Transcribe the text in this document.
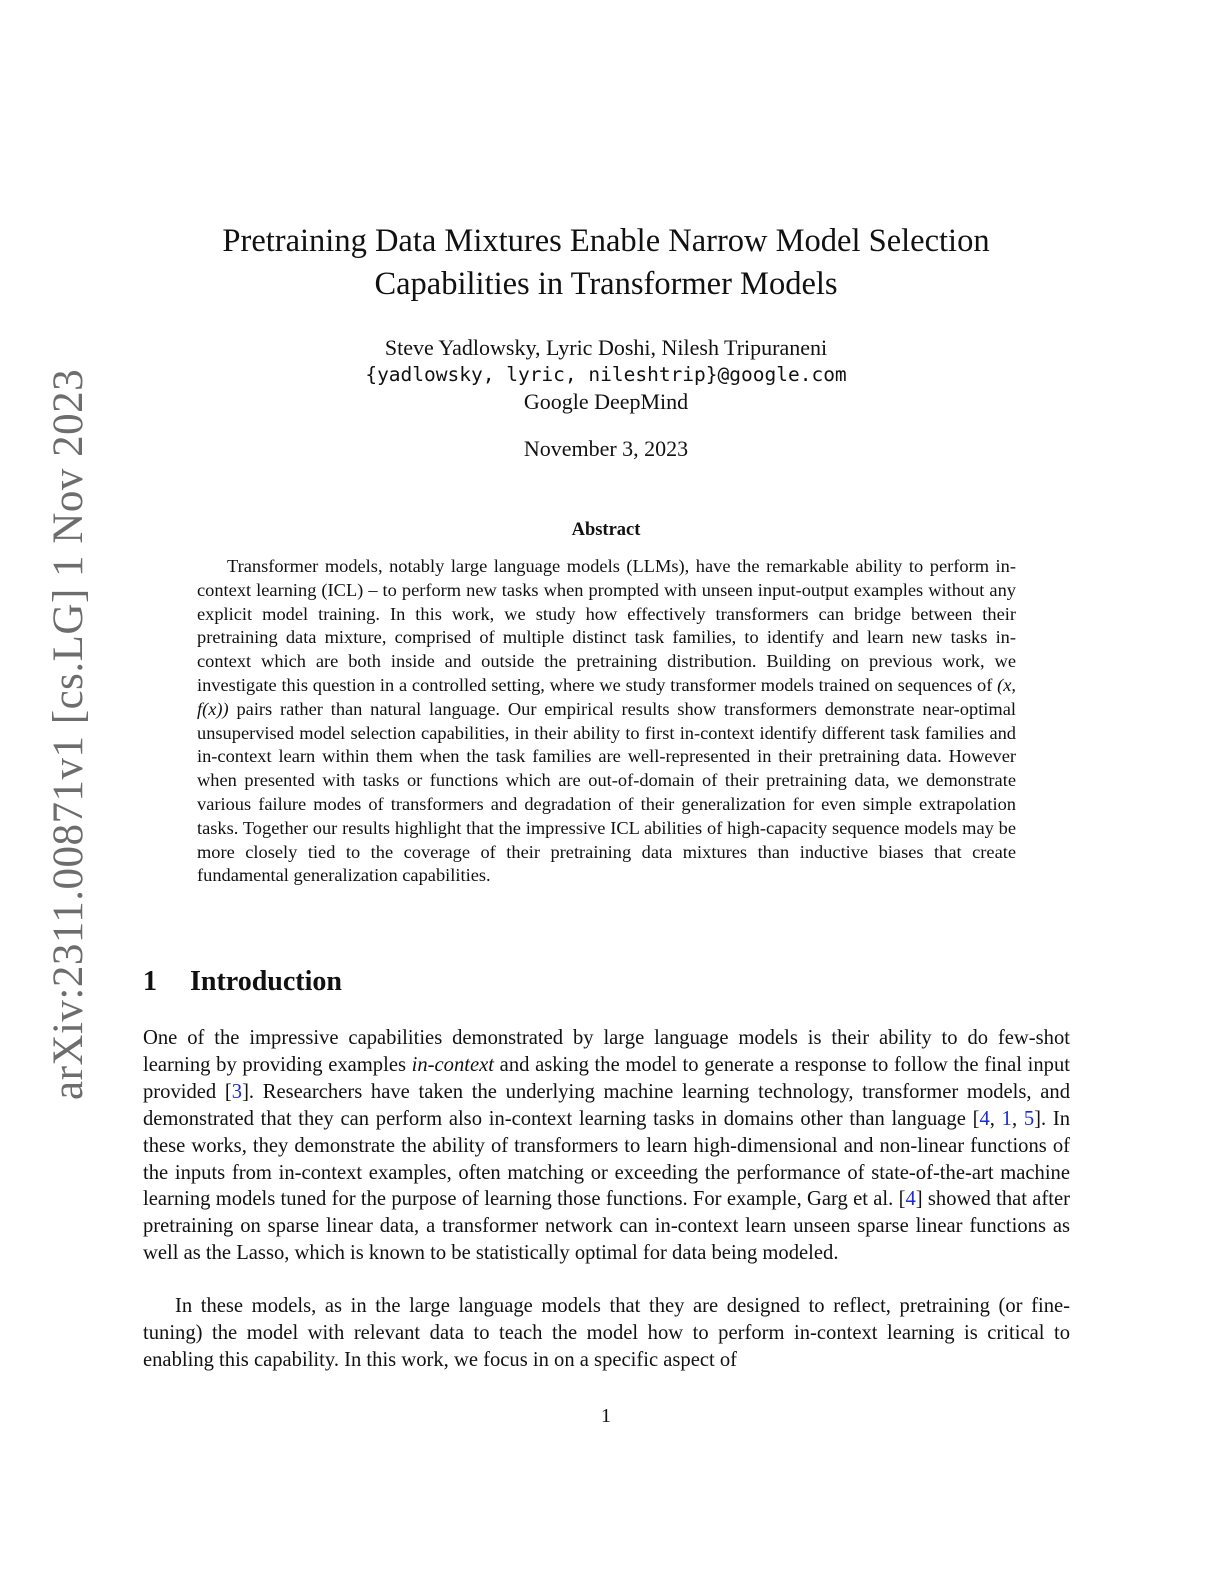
arXiv:2311.00871v1 [cs.LG] 1 Nov 2023
Pretraining Data Mixtures Enable Narrow Model Selection
Capabilities in Transformer Models
Steve Yadlowsky, Lyric Doshi, Nilesh Tripuraneni
{yadlowsky, lyric, nileshtrip}@google.com
Google DeepMind
November 3, 2023
Abstract

Transformer models, notably large language models (LLMs), have the remarkable ability to perform in-context learning (ICL) – to perform new tasks when prompted with unseen input-output examples without any explicit model training. In this work, we study how effectively transformers can bridge between their pretraining data mixture, comprised of multiple distinct task families, to identify and learn new tasks in-context which are both inside and outside the pretraining distribution. Building on previous work, we investigate this question in a controlled setting, where we study transformer models trained on sequences of (x, f(x)) pairs rather than natural language. Our empirical results show transformers demonstrate near-optimal unsupervised model selection capabilities, in their ability to first in-context identify different task families and in-context learn within them when the task families are well-represented in their pretraining data. However when presented with tasks or functions which are out-of-domain of their pretraining data, we demonstrate various failure modes of transformers and degradation of their generalization for even simple extrapolation tasks. Together our results highlight that the impressive ICL abilities of high-capacity sequence models may be more closely tied to the coverage of their pretraining data mixtures than inductive biases that create fundamental generalization capabilities.

1 Introduction

One of the impressive capabilities demonstrated by large language models is their ability to do few-shot learning by providing examples in-context and asking the model to generate a response to follow the final input provided [3]. Researchers have taken the underlying machine learning technology, transformer models, and demonstrated that they can perform also in-context learning tasks in domains other than language [4, 1, 5]. In these works, they demonstrate the ability of transformers to learn high-dimensional and non-linear functions of the inputs from in-context examples, often matching or exceeding the performance of state-of-the-art machine learning models tuned for the purpose of learning those functions. For example, Garg et al. [4] showed that after pretraining on sparse linear data, a transformer network can in-context learn unseen sparse linear functions as well as the Lasso, which is known to be statistically optimal for data being modeled.

In these models, as in the large language models that they are designed to reflect, pretraining (or fine-tuning) the model with relevant data to teach the model how to perform in-context learning is critical to enabling this capability. In this work, we focus in on a specific aspect of

1
